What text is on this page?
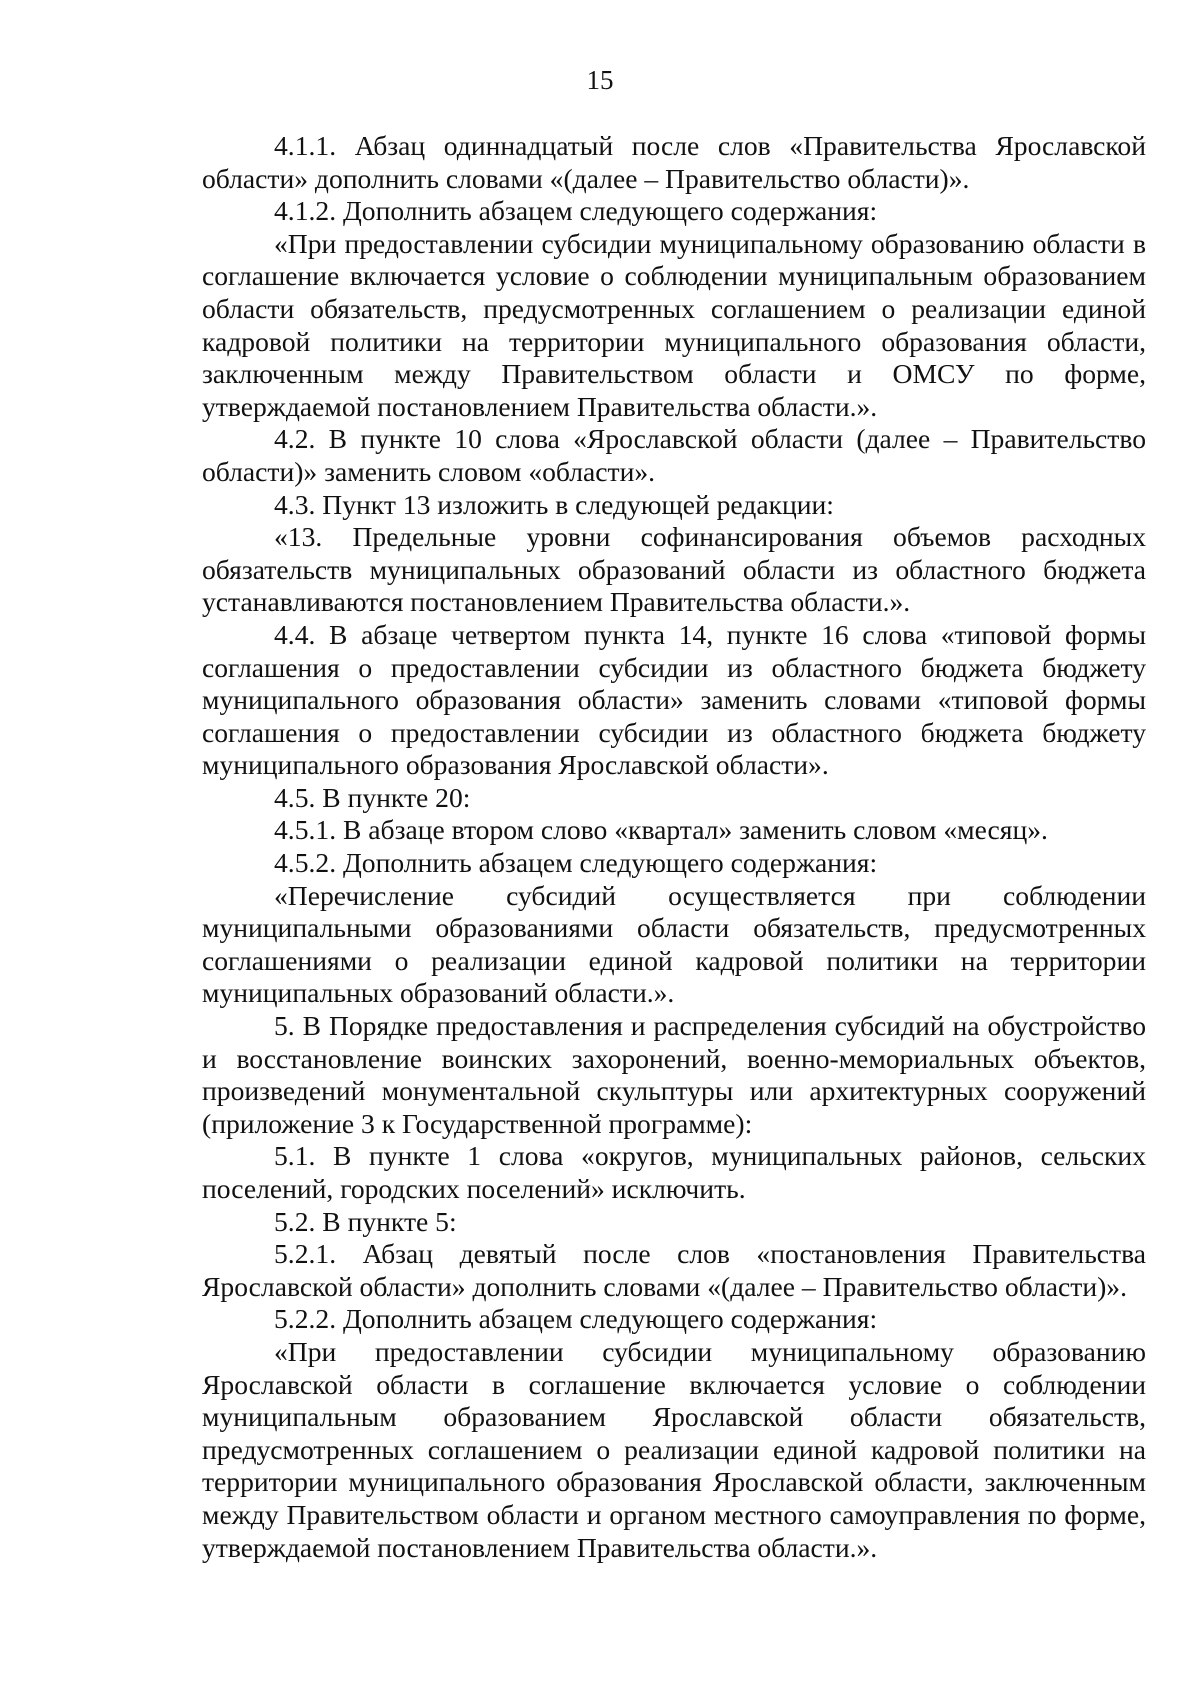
15

4.1.1. Абзац одиннадцатый после слов «Правительства Ярославской области» дополнить словами «(далее – Правительство области)».

4.1.2. Дополнить абзацем следующего содержания:

«При предоставлении субсидии муниципальному образованию области в соглашение включается условие о соблюдении муниципальным образованием области обязательств, предусмотренных соглашением о реализации единой кадровой политики на территории муниципального образования области, заключенным между Правительством области и ОМСУ по форме, утверждаемой постановлением Правительства области.».

4.2. В пункте 10 слова «Ярославской области (далее – Правительство области)» заменить словом «области».

4.3. Пункт 13 изложить в следующей редакции:

«13. Предельные уровни софинансирования объемов расходных обязательств муниципальных образований области из областного бюджета устанавливаются постановлением Правительства области.».

4.4. В абзаце четвертом пункта 14, пункте 16 слова «типовой формы соглашения о предоставлении субсидии из областного бюджета бюджету муниципального образования области» заменить словами «типовой формы соглашения о предоставлении субсидии из областного бюджета бюджету муниципального образования Ярославской области».

4.5. В пункте 20:

4.5.1. В абзаце втором слово «квартал» заменить словом «месяц».

4.5.2. Дополнить абзацем следующего содержания:

«Перечисление субсидий осуществляется при соблюдении муниципальными образованиями области обязательств, предусмотренных соглашениями о реализации единой кадровой политики на территории муниципальных образований области.».

5. В Порядке предоставления и распределения субсидий на обустройство и восстановление воинских захоронений, военно-мемориальных объектов, произведений монументальной скульптуры или архитектурных сооружений (приложение 3 к Государственной программе):

5.1. В пункте 1 слова «округов, муниципальных районов, сельских поселений, городских поселений» исключить.

5.2. В пункте 5:

5.2.1. Абзац девятый после слов «постановления Правительства Ярославской области» дополнить словами «(далее – Правительство области)».

5.2.2. Дополнить абзацем следующего содержания:

«При предоставлении субсидии муниципальному образованию Ярославской области в соглашение включается условие о соблюдении муниципальным образованием Ярославской области обязательств, предусмотренных соглашением о реализации единой кадровой политики на территории муниципального образования Ярославской области, заключенным между Правительством области и органом местного самоуправления по форме, утверждаемой постановлением Правительства области.».
